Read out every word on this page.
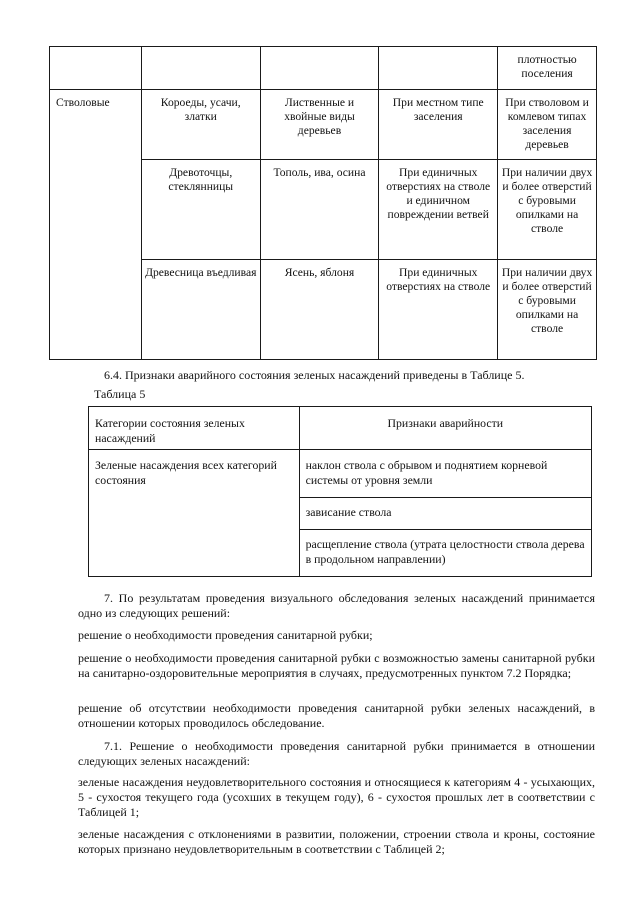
				плотностью поселения
Стволовые	Короеды, усачи, златки	Лиственные и хвойные виды деревьев	При местном типе заселения	При стволовом и комлевом типах заселения деревьев
	Древоточцы, стеклянницы	Тополь, ива, осина	При единичных отверстиях на стволе и единичном повреждении ветвей	При наличии двух и более отверстий с буровыми опилками на стволе
	Древесница въедливая	Ясень, яблоня	При единичных отверстиях на стволе	При наличии двух и более отверстий с буровыми опилками на стволе
6.4. Признаки аварийного состояния зеленых насаждений приведены в Таблице 5.
Таблица 5
Категории состояния зеленых насаждений	Признаки аварийности
Зеленые насаждения всех категорий состояния	наклон ствола с обрывом и поднятием корневой системы от уровня земли
	зависание ствола
	расщепление ствола (утрата целостности ствола дерева в продольном направлении)
7. По результатам проведения визуального обследования зеленых насаждений принимается одно из следующих решений:
решение о необходимости проведения санитарной рубки;
решение о необходимости проведения санитарной рубки с возможностью замены санитарной рубки на санитарно-оздоровительные мероприятия в случаях, предусмотренных пунктом 7.2 Порядка;
решение об отсутствии необходимости проведения санитарной рубки зеленых насаждений, в отношении которых проводилось обследование.
7.1. Решение о необходимости проведения санитарной рубки принимается в отношении следующих зеленых насаждений:
зеленые насаждения неудовлетворительного состояния и относящиеся к категориям 4 - усыхающих, 5 - сухостоя текущего года (усохших в текущем году), 6 - сухостоя прошлых лет в соответствии с Таблицей 1;
зеленые насаждения с отклонениями в развитии, положении, строении ствола и кроны, состояние которых признано неудовлетворительным в соответствии с Таблицей 2;
